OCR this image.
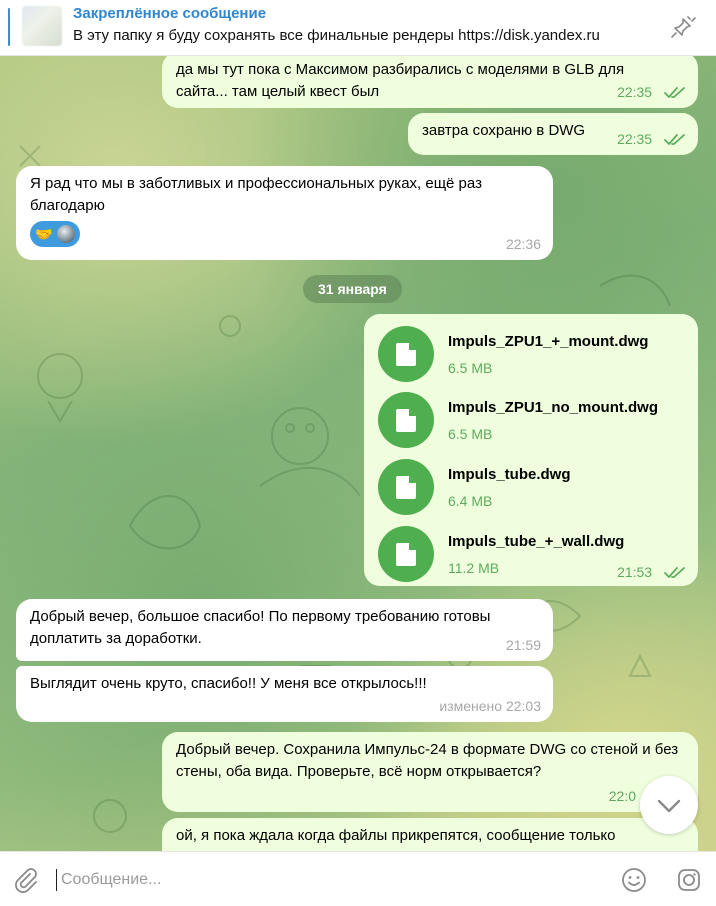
Закреплённое сообщение
В эту папку я буду сохранять все финальные рендеры https://disk.yandex.ru
да мы тут пока с Максимом разбирались с моделями в GLB для сайта... там целый квест был	22:35
завтра сохраню в DWG	22:35
Я рад что мы в заботливых и профессиональных руках, ещё раз благодарю
🤝
22:36
31 января
Impuls_ZPU1_+_mount.dwg
6.5 MB
Impuls_ZPU1_no_mount.dwg
6.5 MB
Impuls_tube.dwg
6.4 MB
Impuls_tube_+_wall.dwg
11.2 MB	21:53
Добрый вечер, большое спасибо! По первому требованию готовы доплатить за доработки.	21:59
Выглядит очень круто, спасибо!! У меня все открылось!!!
изменено 22:03
Добрый вечер. Сохранила Импульс-24 в формате DWG со стеной и без стены, оба вида. Проверьте, всё норм открывается?
22:0
ой, я пока ждала когда файлы прикрепятся, сообщение только
Сообщение...
